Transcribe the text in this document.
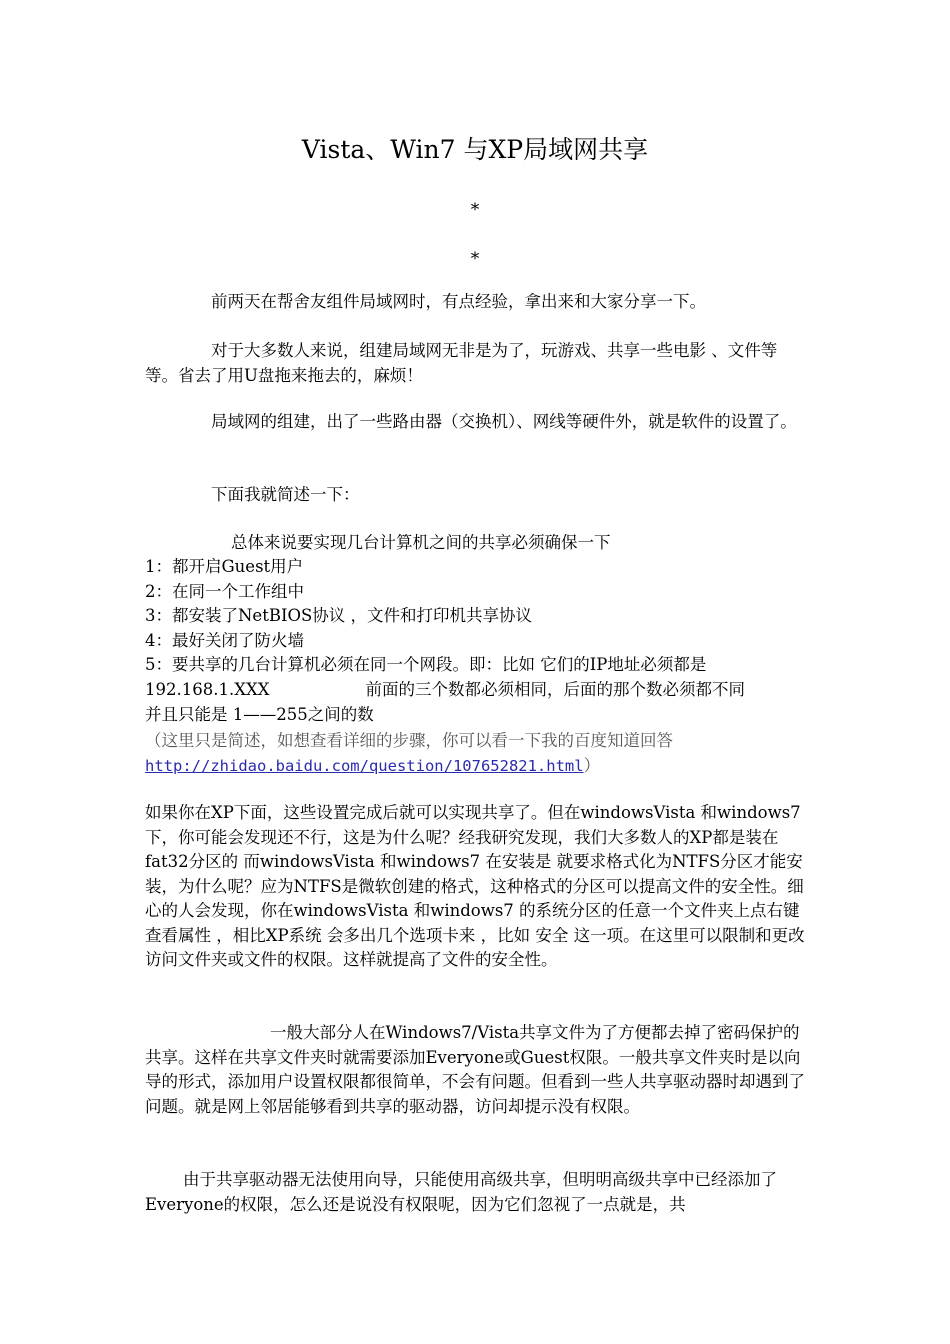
Vista、Win7 与XP局域网共享
*
*

前两天在帮舍友组件局域网时，有点经验，拿出来和大家分享一下。

对于大多数人来说，组建局域网无非是为了，玩游戏、共享一些电影 、文件等等。省去了用U盘拖来拖去的，麻烦！

局域网的组建，出了一些路由器（交换机）、网线等硬件外，就是软件的设置了。

下面我就简述一下：

总体来说要实现几台计算机之间的共享必须确保一下

1：都开启Guest用户
2：在同一个工作组中
3：都安装了NetBIOS协议 ，文件和打印机共享协议
4：最好关闭了防火墙
5：要共享的几台计算机必须在同一个网段。即：比如 它们的IP地址必须都是
192.168.1.XXX	前面的三个数都必须相同，后面的那个数必须都不同
并且只能是 1——255之间的数
（这里只是简述，如想查看详细的步骤，你可以看一下我的百度知道回答
http://zhidao.baidu.com/question/107652821.html）

如果你在XP下面，这些设置完成后就可以实现共享了。但在windowsVista 和windows7下，你可能会发现还不行，这是为什么呢？经我研究发现，我们大多数人的XP都是装在 fat32分区的 而windowsVista 和windows7 在安装是 就要求格式化为NTFS分区才能安装，为什么呢？应为NTFS是微软创建的格式，这种格式的分区可以提高文件的安全性。细心的人会发现，你在windowsVista 和windows7 的系统分区的任意一个文件夹上点右键 查看属性 ，相比XP系统 会多出几个选项卡来 ，比如 安全 这一项。在这里可以限制和更改访问文件夹或文件的权限。这样就提高了文件的安全性。

一般大部分人在Windows7/Vista共享文件为了方便都去掉了密码保护的共享。这样在共享文件夹时就需要添加Everyone或Guest权限。一般共享文件夹时是以向导的形式，添加用户设置权限都很简单，不会有问题。但看到一些人共享驱动器时却遇到了问题。就是网上邻居能够看到共享的驱动器，访问却提示没有权限。

由于共享驱动器无法使用向导，只能使用高级共享，但明明高级共享中已经添加了Everyone的权限，怎么还是说没有权限呢，因为它们忽视了一点就是，共
